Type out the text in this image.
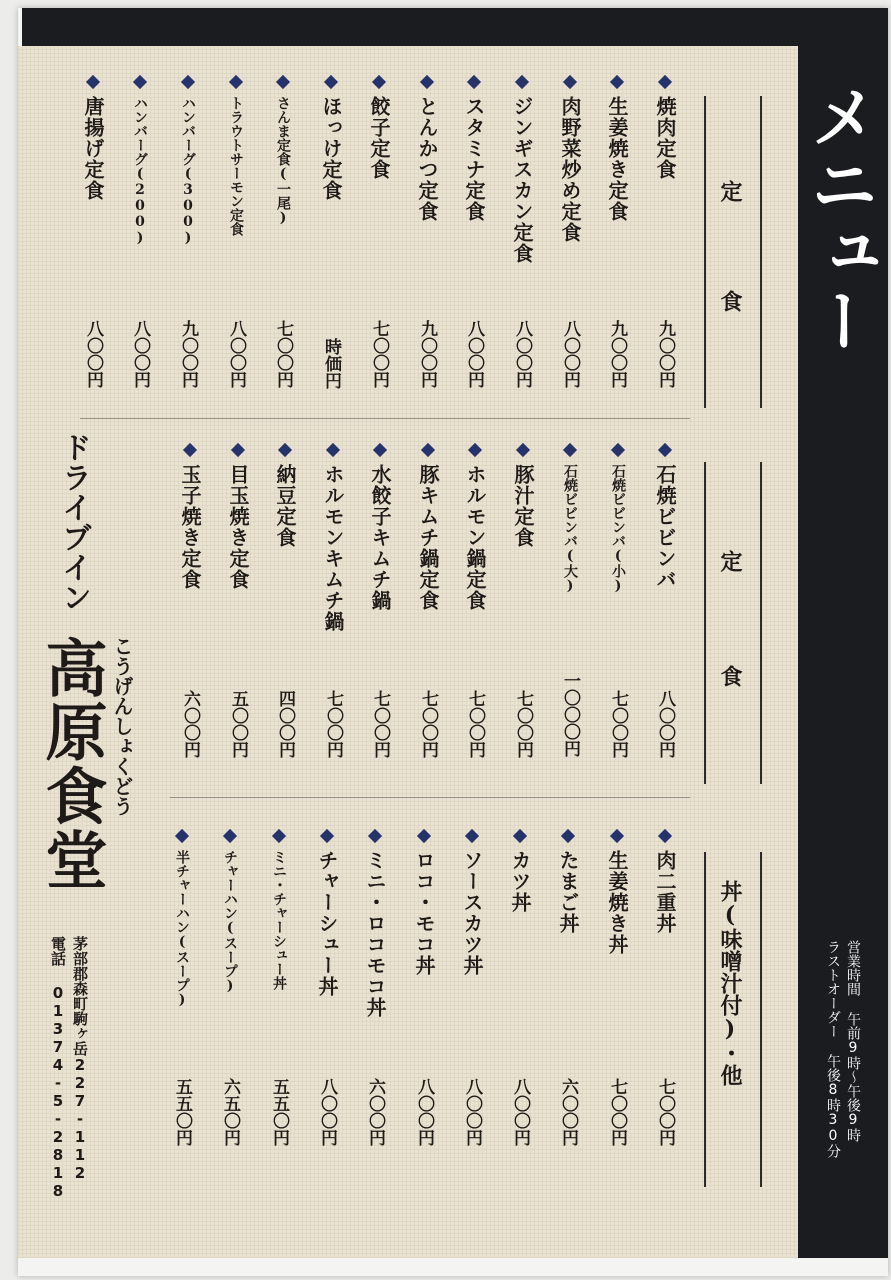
メニュー
営業時間 午前9時〜午後9時
ラストオーダー 午後8時30分
定
食
定
食
丼(味噌汁付)・他
焼肉定食
九〇〇円
生姜焼き定食
九〇〇円
肉野菜炒め定食
八〇〇円
ジンギスカン定食
八〇〇円
スタミナ定食
八〇〇円
とんかつ定食
九〇〇円
餃子定食
七〇〇円
ほっけ定食
時価円
さんま定食(一尾)
七〇〇円
トラウトサーモン定食
八〇〇円
ハンバーグ(300)
九〇〇円
ハンバーグ(200)
八〇〇円
唐揚げ定食
八〇〇円
石焼ビビンバ
八〇〇円
石焼ビビンバ(小)
七〇〇円
石焼ビビンバ(大)
一〇〇〇円
豚汁定食
七〇〇円
ホルモン鍋定食
七〇〇円
豚キムチ鍋定食
七〇〇円
水餃子キムチ鍋
七〇〇円
ホルモンキムチ鍋
七〇〇円
納豆定食
四〇〇円
目玉焼き定食
五〇〇円
玉子焼き定食
六〇〇円
肉二重丼
七〇〇円
生姜焼き丼
七〇〇円
たまご丼
六〇〇円
カツ丼
八〇〇円
ソースカツ丼
八〇〇円
ロコ・モコ丼
八〇〇円
ミニ・ロコモコ丼
六〇〇円
チャーシュー丼
八〇〇円
ミニ・チャーシュー丼
五五〇円
チャーハン(スープ)
六五〇円
半チャーハン(スープ)
五五〇円
ドライブイン
こうげんしょくどう
高原食堂
茅部郡森町駒ヶ岳227-112
電話 01374-5-2818
